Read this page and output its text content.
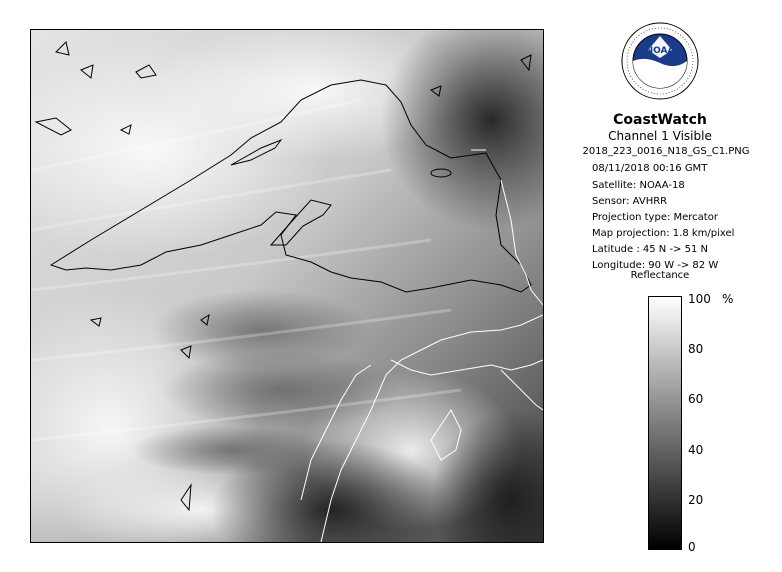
NOAA
CoastWatch
Channel 1 Visible
2018_223_0016_N18_GS_C1.PNG
08/11/2018 00:16 GMT
Satellite: NOAA-18
Sensor: AVHRR
Projection type: Mercator
Map projection: 1.8 km/pixel
Latitude : 45 N -> 51 N
Longitude: 90 W -> 82 W
Reflectance
100 %
80
60
40
20
0
